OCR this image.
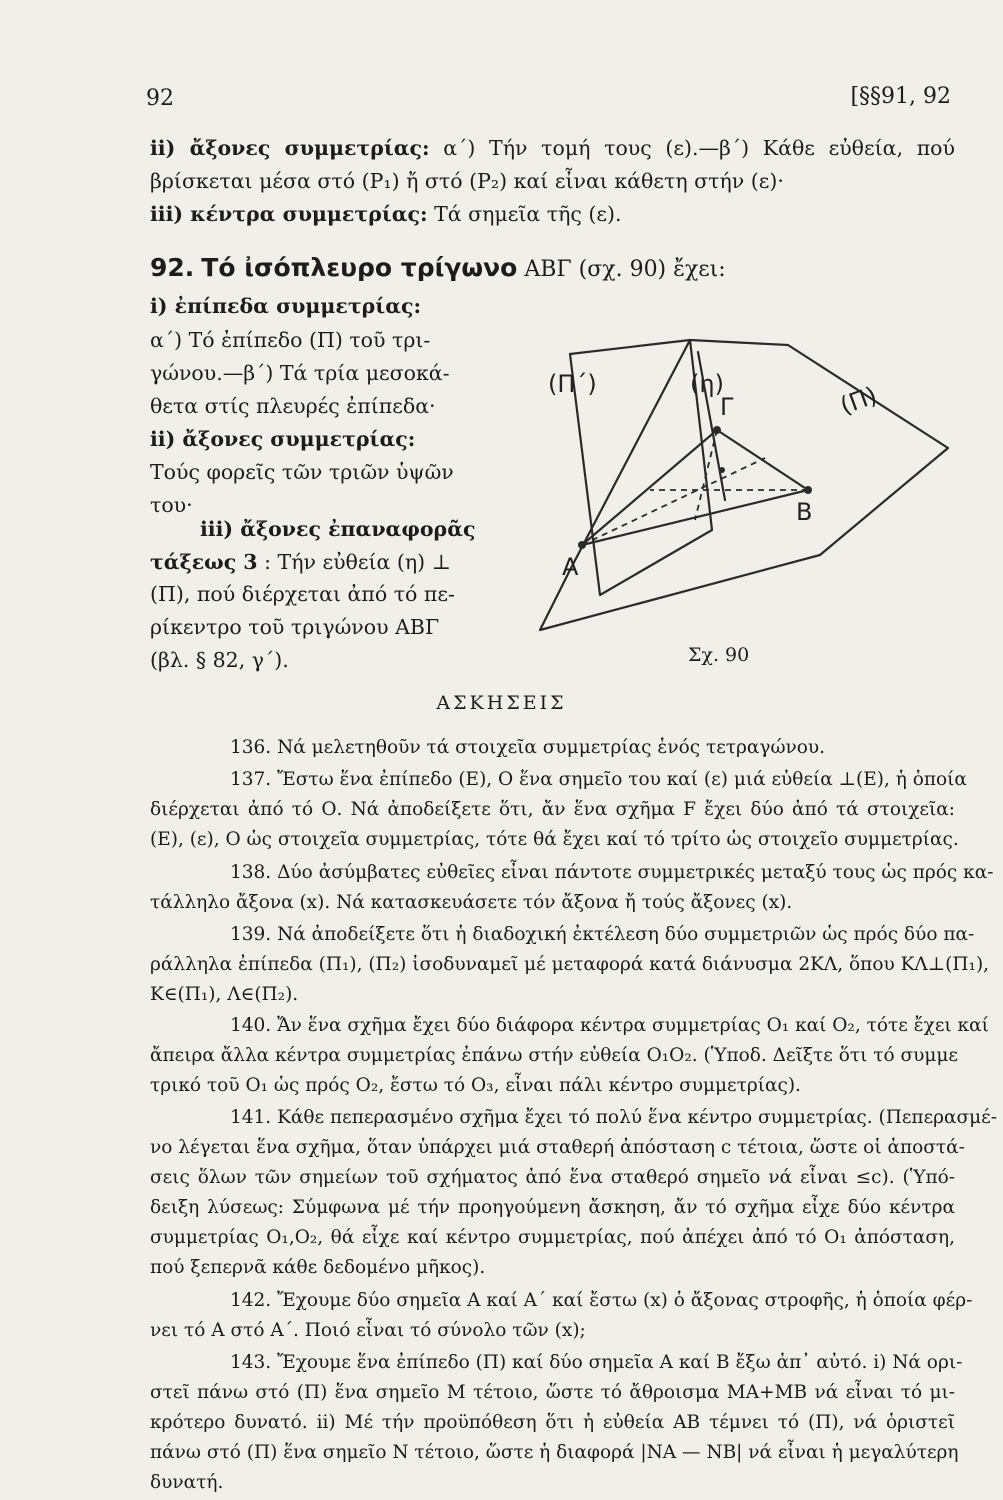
92	[§§91, 92
ii) ἄξονες συμμετρίας: α΄) Τήν τομή τους (ε).—β΄) Κάθε εὐθεία, πού
βρίσκεται μέσα στό (P₁) ἤ στό (P₂) καί εἶναι κάθετη στήν (ε)·
iii) κέντρα συμμετρίας: Τά σημεῖα τῆς (ε).
92. Τό ἰσόπλευρο τρίγωνο ΑΒΓ (σχ. 90) ἔχει:
i) ἐπίπεδα συμμετρίας:
α΄) Τό ἐπίπεδο (Π) τοῦ τρι-
γώνου.—β΄) Τά τρία μεσοκά-
θετα στίς πλευρές ἐπίπεδα·
ii) ἄξονες συμμετρίας:
Τούς φορεῖς τῶν τριῶν ὑψῶν
του·
iii) ἄξονες ἐπαναφορᾶς
τάξεως 3 : Τήν εὐθεία (η) ⊥
(Π), πού διέρχεται ἀπό τό πε-
ρίκεντρο τοῦ τριγώνου ΑΒΓ
(βλ. § 82, γ΄).
(Π΄)	(η)	(Π)
Α
Β
Γ
Σχ. 90
ΑΣΚΗΣΕΙΣ
136. Νά μελετηθοῦν τά στοιχεῖα συμμετρίας ἑνός τετραγώνου.
137. Ἔστω ἕνα ἐπίπεδο (Ε), Ο ἕνα σημεῖο του καί (ε) μιά εὐθεία ⊥(Ε), ἡ ὁποία
διέρχεται ἀπό τό Ο. Νά ἀποδείξετε ὅτι, ἄν ἕνα σχῆμα F ἔχει δύο ἀπό τά στοιχεῖα:
(Ε), (ε), Ο ὡς στοιχεῖα συμμετρίας, τότε θά ἔχει καί τό τρίτο ὡς στοιχεῖο συμμετρίας.
138. Δύο ἀσύμβατες εὐθεῖες εἶναι πάντοτε συμμετρικές μεταξύ τους ὡς πρός κα-
τάλληλο ἄξονα (x). Νά κατασκευάσετε τόν ἄξονα ἤ τούς ἄξονες (x).
139. Νά ἀποδείξετε ὅτι ἡ διαδοχική ἐκτέλεση δύο συμμετριῶν ὡς πρός δύο πα-
ράλληλα ἐπίπεδα (Π₁), (Π₂) ἰσοδυναμεῖ μέ μεταφορά κατά διάνυσμα 2ΚΛ, ὅπου ΚΛ⊥(Π₁),
Κ∈(Π₁), Λ∈(Π₂).
140. Ἄν ἕνα σχῆμα ἔχει δύο διάφορα κέντρα συμμετρίας Ο₁ καί Ο₂, τότε ἔχει καί
ἄπειρα ἄλλα κέντρα συμμετρίας ἐπάνω στήν εὐθεία Ο₁Ο₂. (Ὑποδ. Δεῖξτε ὅτι τό συμμε
τρικό τοῦ Ο₁ ὡς πρός Ο₂, ἔστω τό Ο₃, εἶναι πάλι κέντρο συμμετρίας).
141. Κάθε πεπερασμένο σχῆμα ἔχει τό πολύ ἕνα κέντρο συμμετρίας. (Πεπερασμέ-
νο λέγεται ἕνα σχῆμα, ὅταν ὑπάρχει μιά σταθερή ἀπόσταση c τέτοια, ὥστε οἱ ἀποστά-
σεις ὅλων τῶν σημείων τοῦ σχήματος ἀπό ἕνα σταθερό σημεῖο νά εἶναι ≤c). (Ὑπό-
δειξη λύσεως: Σύμφωνα μέ τήν προηγούμενη ἄσκηση, ἄν τό σχῆμα εἶχε δύο κέντρα
συμμετρίας Ο₁,Ο₂, θά εἶχε καί κέντρο συμμετρίας, πού ἀπέχει ἀπό τό Ο₁ ἀπόσταση,
πού ξεπερνᾶ κάθε δεδομένο μῆκος).
142. Ἔχουμε δύο σημεῖα Α καί Α΄ καί ἔστω (x) ὁ ἄξονας στροφῆς, ἡ ὁποία φέρ-
νει τό Α στό Α΄. Ποιό εἶναι τό σύνολο τῶν (x);
143. Ἔχουμε ἕνα ἐπίπεδο (Π) καί δύο σημεῖα Α καί Β ἔξω ἀπ᾽ αὐτό. i) Νά ορι-
στεῖ πάνω στό (Π) ἕνα σημεῖο Μ τέτοιο, ὥστε τό ἄθροισμα ΜΑ+ΜΒ νά εἶναι τό μι-
κρότερο δυνατό. ii) Μέ τήν προϋπόθεση ὅτι ἡ εὐθεία ΑΒ τέμνει τό (Π), νά ὁριστεῖ
πάνω στό (Π) ἕνα σημεῖο Ν τέτοιο, ὥστε ἡ διαφορά |ΝΑ — ΝΒ| νά εἶναι ἡ μεγαλύτερη
δυνατή.
